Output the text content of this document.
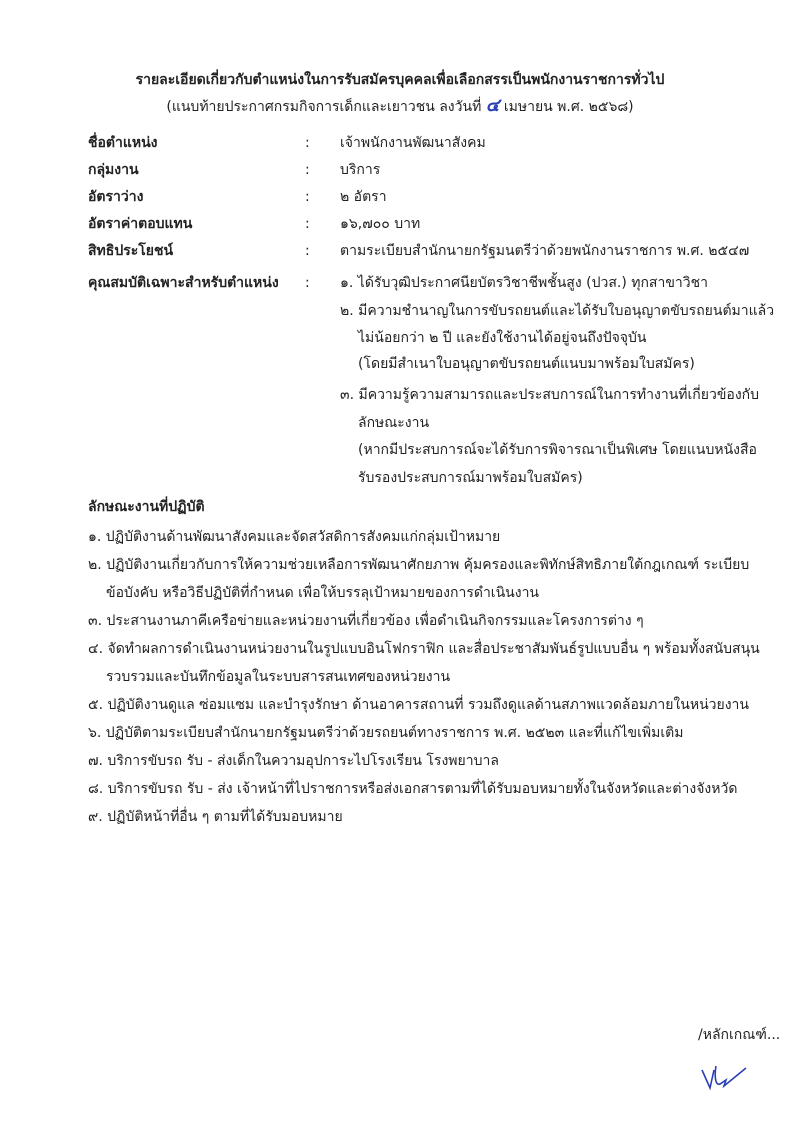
รายละเอียดเกี่ยวกับตำแหน่งในการรับสมัครบุคคลเพื่อเลือกสรรเป็นพนักงานราชการทั่วไป
(แนบท้ายประกาศกรมกิจการเด็กและเยาวชน ลงวันที่ ๔ เมษายน พ.ศ. ๒๕๖๘)
ชื่อตำแหน่ง	: เจ้าพนักงานพัฒนาสังคม
กลุ่มงาน	: บริการ
อัตราว่าง	: ๒ อัตรา
อัตราค่าตอบแทน	: ๑๖,๗๐๐ บาท
สิทธิประโยชน์	: ตามระเบียบสำนักนายกรัฐมนตรีว่าด้วยพนักงานราชการ พ.ศ. ๒๕๔๗
คุณสมบัติเฉพาะสำหรับตำแหน่ง : ๑. ได้รับวุฒิประกาศนียบัตรวิชาชีพชั้นสูง (ปวส.) ทุกสาขาวิชา
๒. มีความชำนาญในการขับรถยนต์และได้รับใบอนุญาตขับรถยนต์มาแล้ว
ไม่น้อยกว่า ๒ ปี และยังใช้งานได้อยู่จนถึงปัจจุบัน
(โดยมีสำเนาใบอนุญาตขับรถยนต์แนบมาพร้อมใบสมัคร)
๓. มีความรู้ความสามารถและประสบการณ์ในการทำงานที่เกี่ยวข้องกับ
ลักษณะงาน
(หากมีประสบการณ์จะได้รับการพิจารณาเป็นพิเศษ โดยแนบหนังสือ
รับรองประสบการณ์มาพร้อมใบสมัคร)
ลักษณะงานที่ปฏิบัติ
๑. ปฏิบัติงานด้านพัฒนาสังคมและจัดสวัสดิการสังคมแก่กลุ่มเป้าหมาย
๒. ปฏิบัติงานเกี่ยวกับการให้ความช่วยเหลือการพัฒนาศักยภาพ คุ้มครองและพิทักษ์สิทธิภายใต้กฎเกณฑ์ ระเบียบ
ข้อบังคับ หรือวิธีปฏิบัติที่กำหนด เพื่อให้บรรลุเป้าหมายของการดำเนินงาน
๓. ประสานงานภาคีเครือข่ายและหน่วยงานที่เกี่ยวข้อง เพื่อดำเนินกิจกรรมและโครงการต่าง ๆ
๔. จัดทำผลการดำเนินงานหน่วยงานในรูปแบบอินโฟกราฟิก และสื่อประชาสัมพันธ์รูปแบบอื่น ๆ พร้อมทั้งสนับสนุน
รวบรวมและบันทึกข้อมูลในระบบสารสนเทศของหน่วยงาน
๕. ปฏิบัติงานดูแล ซ่อมแซม และบำรุงรักษา ด้านอาคารสถานที่ รวมถึงดูแลด้านสภาพแวดล้อมภายในหน่วยงาน
๖. ปฏิบัติตามระเบียบสำนักนายกรัฐมนตรีว่าด้วยรถยนต์ทางราชการ พ.ศ. ๒๕๒๓ และที่แก้ไขเพิ่มเติม
๗. บริการขับรถ รับ - ส่งเด็กในความอุปการะไปโรงเรียน โรงพยาบาล
๘. บริการขับรถ รับ - ส่ง เจ้าหน้าที่ไปราชการหรือส่งเอกสารตามที่ได้รับมอบหมายทั้งในจังหวัดและต่างจังหวัด
๙. ปฏิบัติหน้าที่อื่น ๆ ตามที่ได้รับมอบหมาย
/หลักเกณฑ์...
